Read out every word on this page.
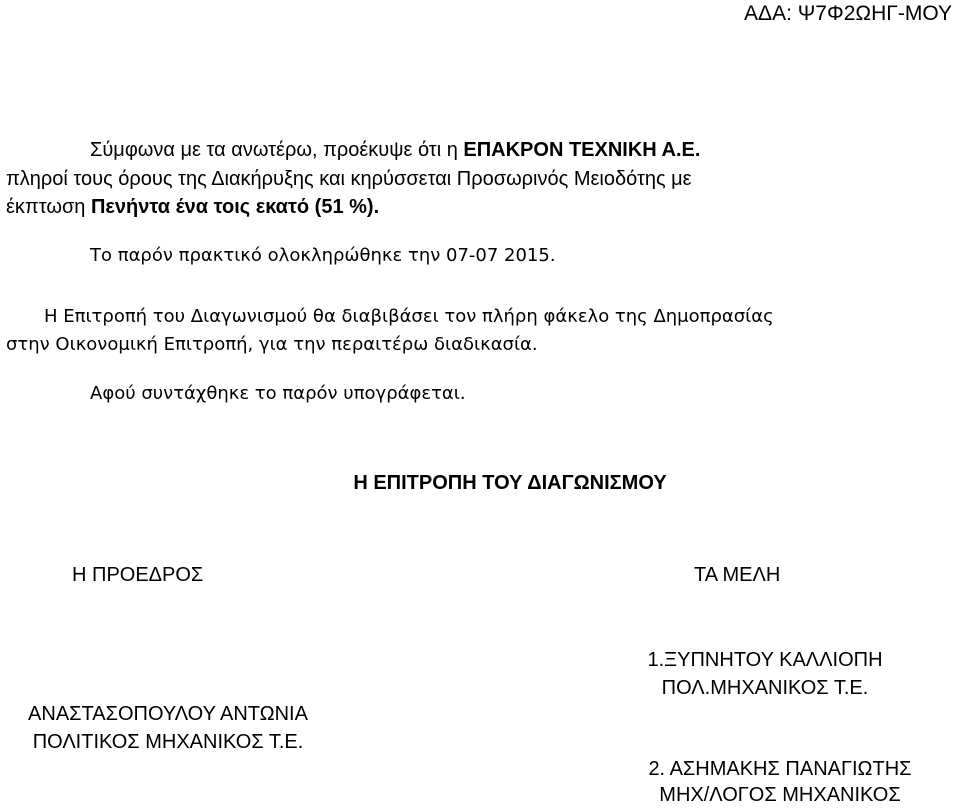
ΑΔΑ: Ψ7Φ2ΩΗΓ-ΜΟΥ
Σύμφωνα με τα ανωτέρω, προέκυψε ότι η ΕΠΑΚΡΟΝ ΤΕΧΝΙΚΗ Α.Ε.
πληροί τους όρους της Διακήρυξης και κηρύσσεται Προσωρινός Μειοδότης με
έκπτωση Πενήντα ένα τοις εκατό (51 %).
Το παρόν πρακτικό ολοκληρώθηκε την 07-07 2015.
Η Επιτροπή του Διαγωνισμού θα διαβιβάσει τον πλήρη φάκελο της Δημοπρασίας
στην Οικονομική Επιτροπή, για την περαιτέρω διαδικασία.
Αφού συντάχθηκε το παρόν υπογράφεται.
Η ΕΠΙΤΡΟΠΗ ΤΟΥ ΔΙΑΓΩΝΙΣΜΟΥ
Η ΠΡΟΕΔΡΟΣ	ΤΑ ΜΕΛΗ
ΑΝΑΣΤΑΣΟΠΟΥΛΟΥ ΑΝΤΩΝΙΑ
ΠΟΛΙΤΙΚΟΣ ΜΗΧΑΝΙΚΟΣ Τ.Ε.
1.ΞΥΠΝΗΤΟΥ ΚΑΛΛΙΟΠΗ
ΠΟΛ.ΜΗΧΑΝΙΚΟΣ Τ.Ε.
2. ΑΣΗΜΑΚΗΣ ΠΑΝΑΓΙΩΤΗΣ
ΜΗΧ/ΛΟΓΟΣ ΜΗΧΑΝΙΚΟΣ
